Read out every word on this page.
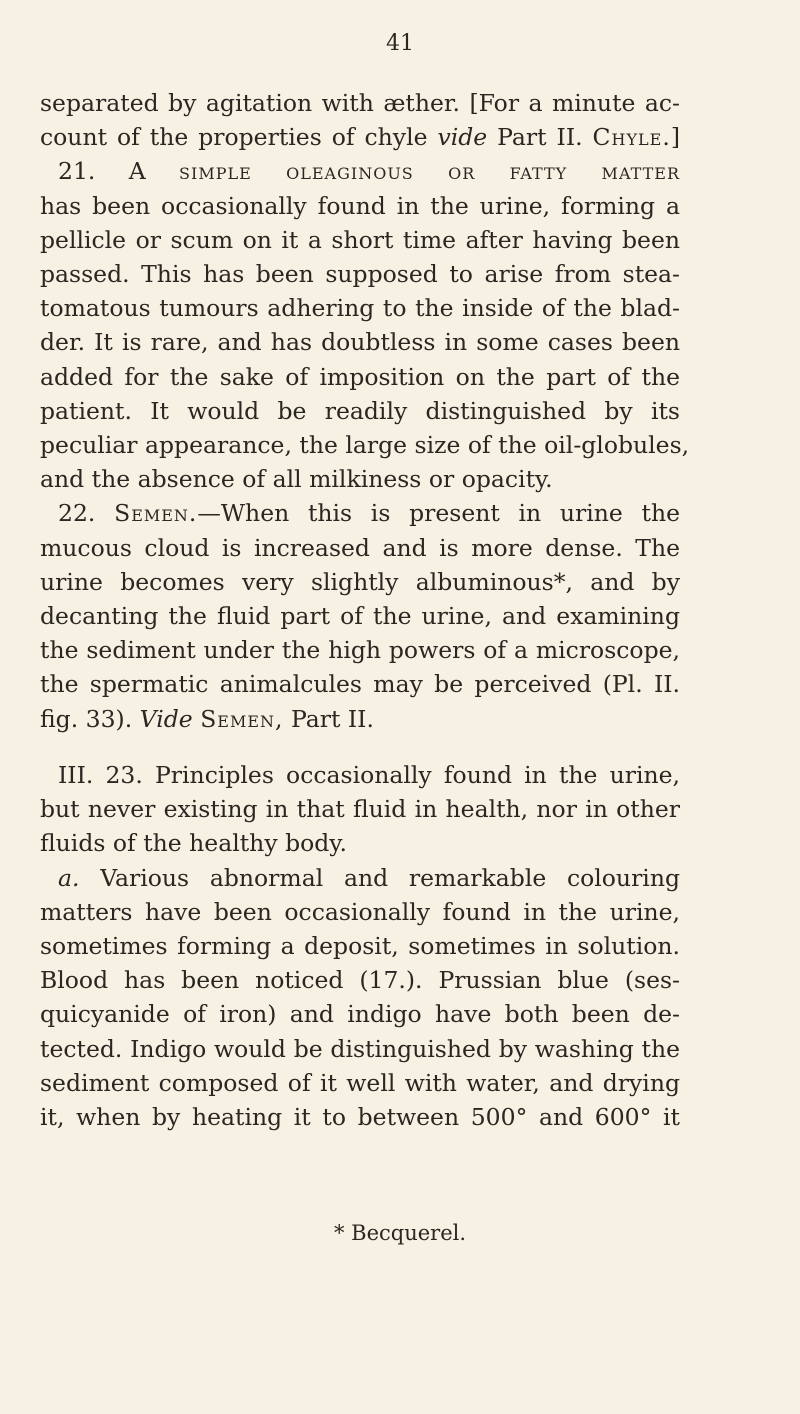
41
separated by agitation with æther. [For a minute ac-
count of the properties of chyle vide Part II. Chyle.]
21. A simple oleaginous or fatty matter
has been occasionally found in the urine, forming a
pellicle or scum on it a short time after having been
passed. This has been supposed to arise from stea-
tomatous tumours adhering to the inside of the blad-
der. It is rare, and has doubtless in some cases been
added for the sake of imposition on the part of the
patient. It would be readily distinguished by its
peculiar appearance, the large size of the oil-globules,
and the absence of all milkiness or opacity.
22. Semen.—When this is present in urine the
mucous cloud is increased and is more dense. The
urine becomes very slightly albuminous*, and by
decanting the fluid part of the urine, and examining
the sediment under the high powers of a microscope,
the spermatic animalcules may be perceived (Pl. II.
fig. 33). Vide Semen, Part II.
III. 23. Principles occasionally found in the urine,
but never existing in that fluid in health, nor in other
fluids of the healthy body.
a. Various abnormal and remarkable colouring
matters have been occasionally found in the urine,
sometimes forming a deposit, sometimes in solution.
Blood has been noticed (17.). Prussian blue (ses-
quicyanide of iron) and indigo have both been de-
tected. Indigo would be distinguished by washing the
sediment composed of it well with water, and drying
it, when by heating it to between 500° and 600° it
* Becquerel.
